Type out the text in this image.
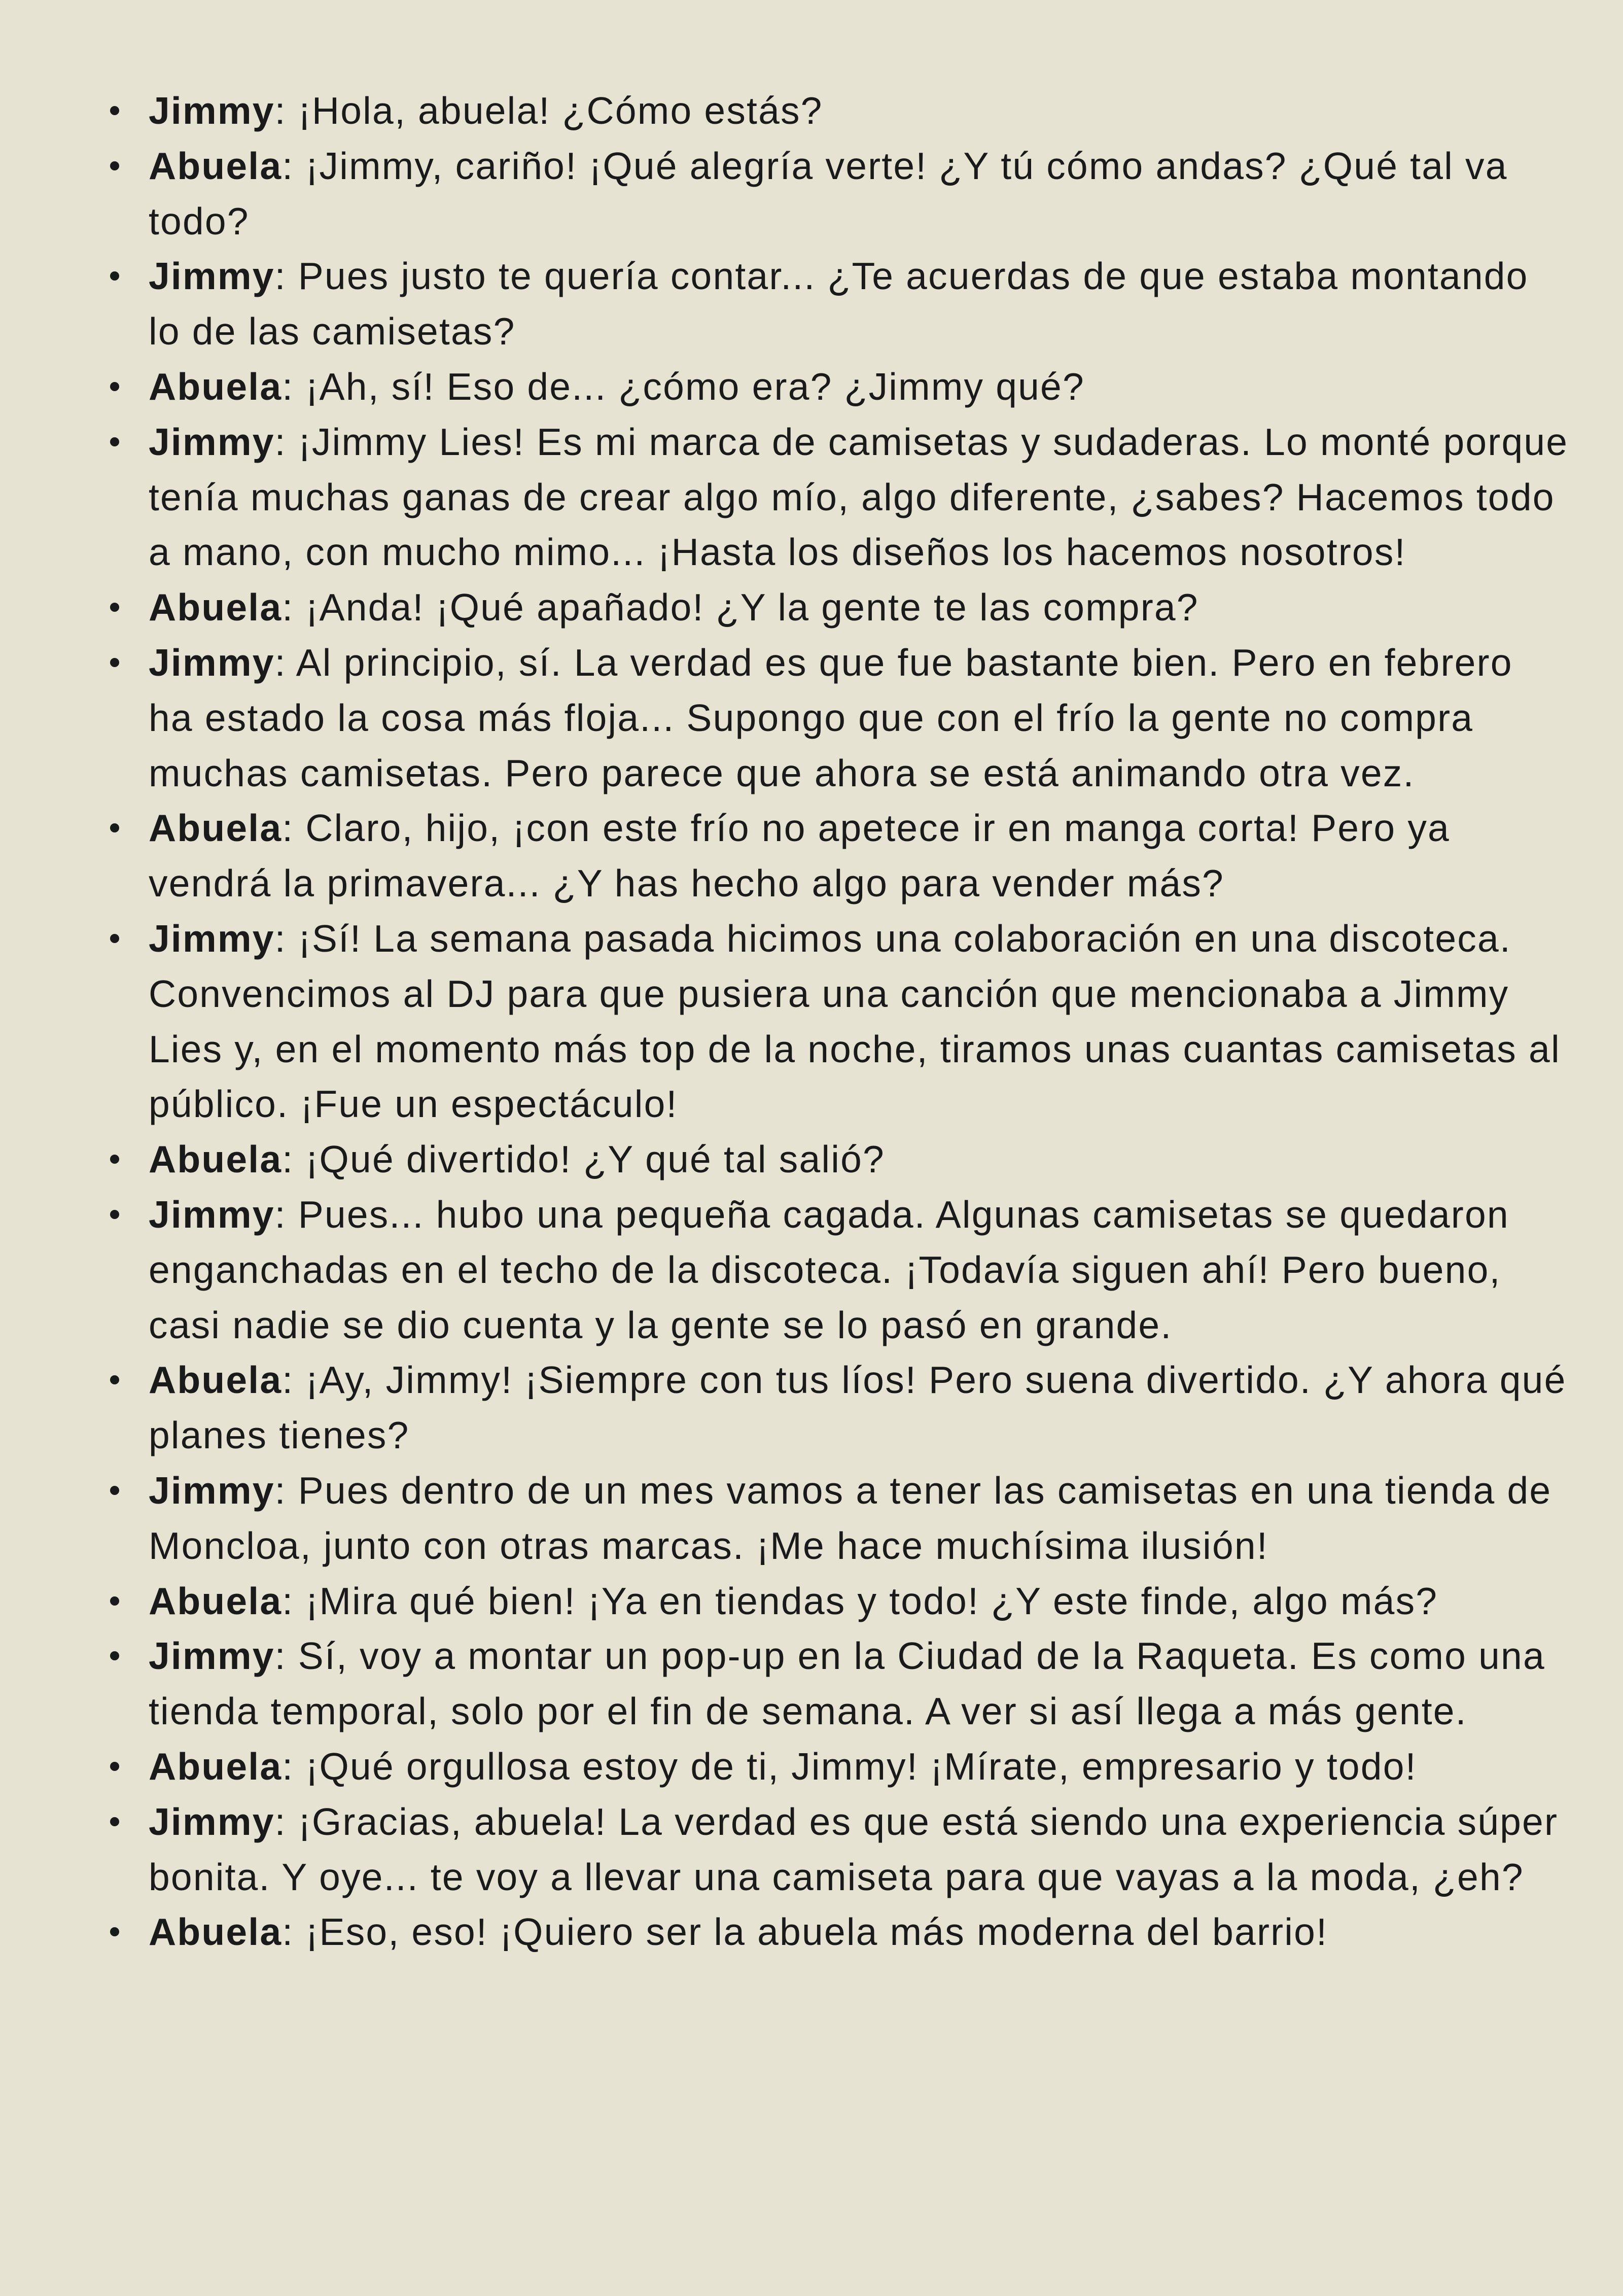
Jimmy: ¡Hola, abuela! ¿Cómo estás?
Abuela: ¡Jimmy, cariño! ¡Qué alegría verte! ¿Y tú cómo andas? ¿Qué tal va todo?
Jimmy: Pues justo te quería contar... ¿Te acuerdas de que estaba montando lo de las camisetas?
Abuela: ¡Ah, sí! Eso de... ¿cómo era? ¿Jimmy qué?
Jimmy: ¡Jimmy Lies! Es mi marca de camisetas y sudaderas. Lo monté porque tenía muchas ganas de crear algo mío, algo diferente, ¿sabes? Hacemos todo a mano, con mucho mimo... ¡Hasta los diseños los hacemos nosotros!
Abuela: ¡Anda! ¡Qué apañado! ¿Y la gente te las compra?
Jimmy: Al principio, sí. La verdad es que fue bastante bien. Pero en febrero ha estado la cosa más floja... Supongo que con el frío la gente no compra muchas camisetas. Pero parece que ahora se está animando otra vez.
Abuela: Claro, hijo, ¡con este frío no apetece ir en manga corta! Pero ya vendrá la primavera... ¿Y has hecho algo para vender más?
Jimmy: ¡Sí! La semana pasada hicimos una colaboración en una discoteca. Convencimos al DJ para que pusiera una canción que mencionaba a Jimmy Lies y, en el momento más top de la noche, tiramos unas cuantas camisetas al público. ¡Fue un espectáculo!
Abuela: ¡Qué divertido! ¿Y qué tal salió?
Jimmy: Pues... hubo una pequeña cagada. Algunas camisetas se quedaron enganchadas en el techo de la discoteca. ¡Todavía siguen ahí! Pero bueno, casi nadie se dio cuenta y la gente se lo pasó en grande.
Abuela: ¡Ay, Jimmy! ¡Siempre con tus líos! Pero suena divertido. ¿Y ahora qué planes tienes?
Jimmy: Pues dentro de un mes vamos a tener las camisetas en una tienda de Moncloa, junto con otras marcas. ¡Me hace muchísima ilusión!
Abuela: ¡Mira qué bien! ¡Ya en tiendas y todo! ¿Y este finde, algo más?
Jimmy: Sí, voy a montar un pop-up en la Ciudad de la Raqueta. Es como una tienda temporal, solo por el fin de semana. A ver si así llega a más gente.
Abuela: ¡Qué orgullosa estoy de ti, Jimmy! ¡Mírate, empresario y todo!
Jimmy: ¡Gracias, abuela! La verdad es que está siendo una experiencia súper bonita. Y oye... te voy a llevar una camiseta para que vayas a la moda, ¿eh?
Abuela: ¡Eso, eso! ¡Quiero ser la abuela más moderna del barrio!
